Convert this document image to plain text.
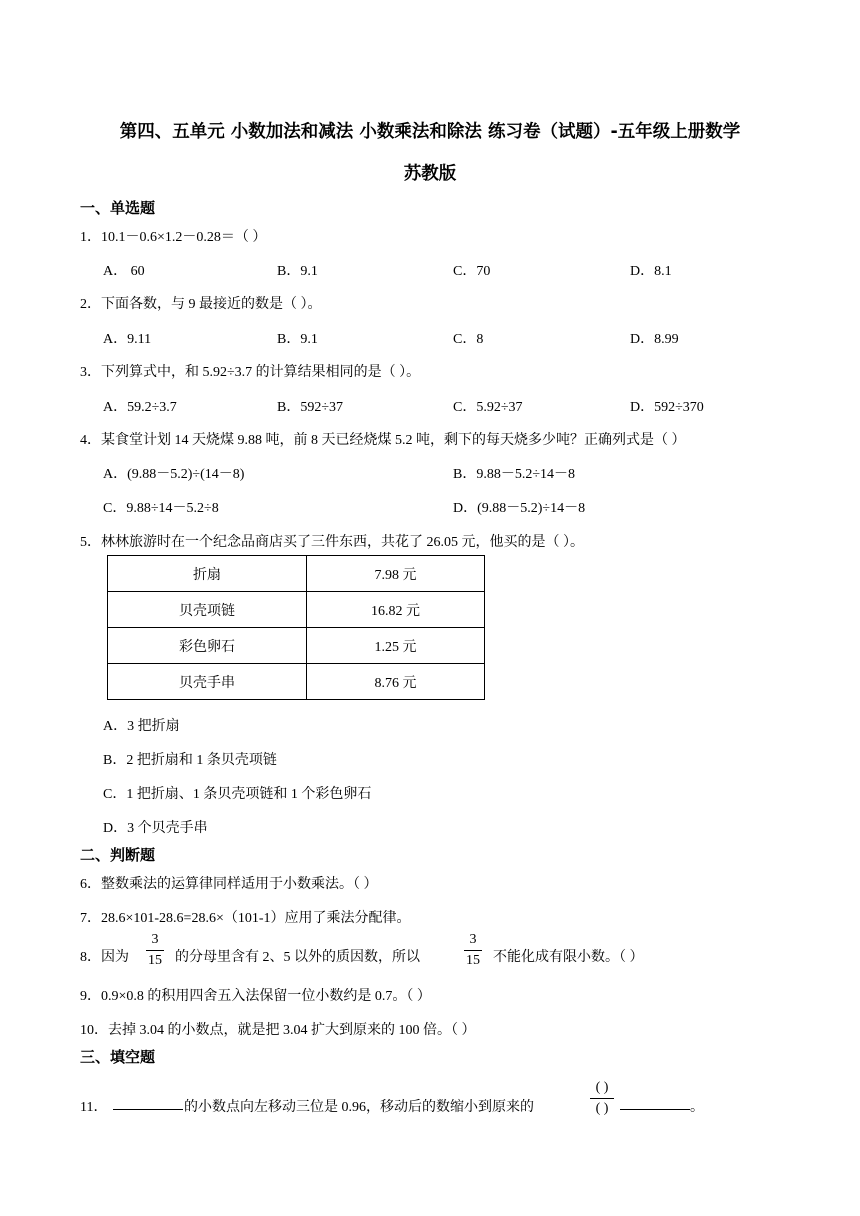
第四、五单元 小数加法和减法 小数乘法和除法 练习卷（试题）-五年级上册数学
苏教版
一、单选题
1．10.1－0.6×1.2－0.28＝（ ）
A． 60	B．9.1	C．70	D．8.1
2．下面各数，与 9 最接近的数是（ ）。
A．9.11	B．9.1	C．8	D．8.99
3．下列算式中，和 5.92÷3.7 的计算结果相同的是（ ）。
A．59.2÷3.7	B．592÷37	C．5.92÷37	D．592÷370
4．某食堂计划 14 天烧煤 9.88 吨，前 8 天已经烧煤 5.2 吨，剩下的每天烧多少吨？正确列式是（ ）
A．(9.88－5.2)÷(14－8)	B．9.88－5.2÷14－8
C．9.88÷14－5.2÷8	D．(9.88－5.2)÷14－8
5．林林旅游时在一个纪念品商店买了三件东西，共花了 26.05 元，他买的是（ ）。
折扇	7.98 元
贝壳项链	16.82 元
彩色卵石	1.25 元
贝壳手串	8.76 元
A．3 把折扇
B．2 把折扇和 1 条贝壳项链
C．1 把折扇、1 条贝壳项链和 1 个彩色卵石
D．3 个贝壳手串
二、判断题
6．整数乘法的运算律同样适用于小数乘法。（ ）
7．28.6×101-28.6=28.6×（101-1）应用了乘法分配律。
8．因为
3
15 的分母里含有 2、5 以外的质因数，所以
3
15 不能化成有限小数。（ ）
9．0.9×0.8 的积用四舍五入法保留一位小数约是 0.7。（ ）
10．去掉 3.04 的小数点，就是把 3.04 扩大到原来的 100 倍。（ ）
三、填空题
11．	的小数点向左移动三位是 0.96，移动后的数缩小到原来的
( )
( )	。
